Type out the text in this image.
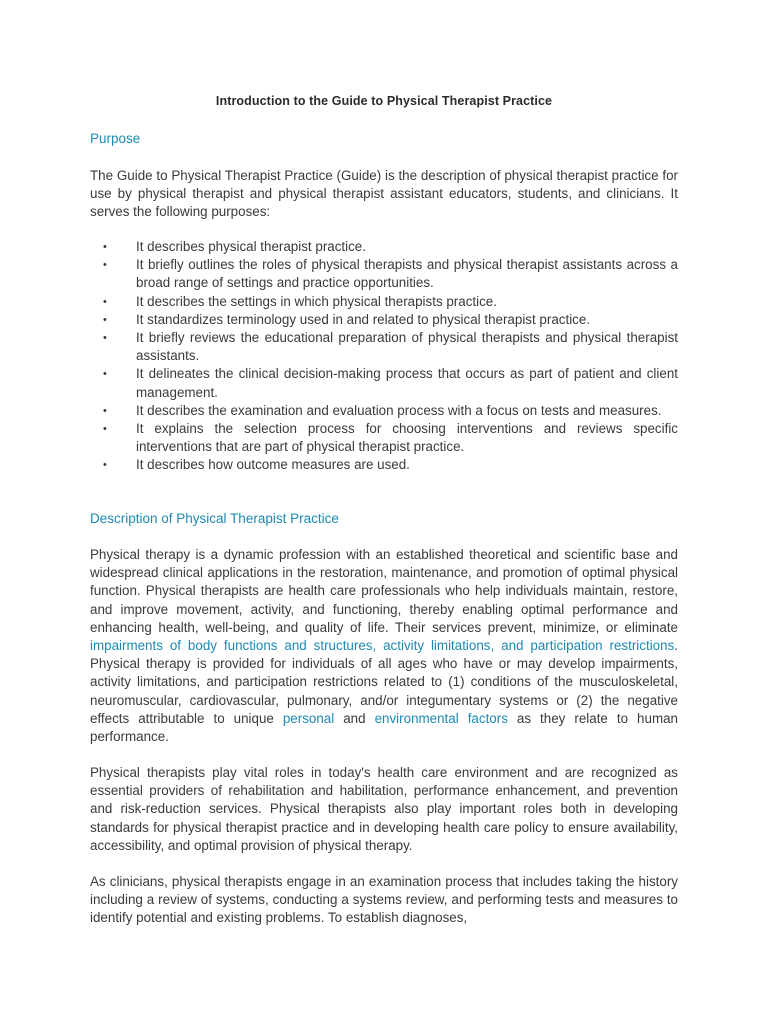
Introduction to the Guide to Physical Therapist Practice
Purpose
The Guide to Physical Therapist Practice (Guide) is the description of physical therapist practice for use by physical therapist and physical therapist assistant educators, students, and clinicians. It serves the following purposes:
• It describes physical therapist practice.
• It briefly outlines the roles of physical therapists and physical therapist assistants across a broad range of settings and practice opportunities.
• It describes the settings in which physical therapists practice.
• It standardizes terminology used in and related to physical therapist practice.
• It briefly reviews the educational preparation of physical therapists and physical therapist assistants.
• It delineates the clinical decision-making process that occurs as part of patient and client management.
• It describes the examination and evaluation process with a focus on tests and measures.
• It explains the selection process for choosing interventions and reviews specific interventions that are part of physical therapist practice.
• It describes how outcome measures are used.
Description of Physical Therapist Practice
Physical therapy is a dynamic profession with an established theoretical and scientific base and widespread clinical applications in the restoration, maintenance, and promotion of optimal physical function. Physical therapists are health care professionals who help individuals maintain, restore, and improve movement, activity, and functioning, thereby enabling optimal performance and enhancing health, well-being, and quality of life. Their services prevent, minimize, or eliminate impairments of body functions and structures, activity limitations, and participation restrictions. Physical therapy is provided for individuals of all ages who have or may develop impairments, activity limitations, and participation restrictions related to (1) conditions of the musculoskeletal, neuromuscular, cardiovascular, pulmonary, and/or integumentary systems or (2) the negative effects attributable to unique personal and environmental factors as they relate to human performance.
Physical therapists play vital roles in today's health care environment and are recognized as essential providers of rehabilitation and habilitation, performance enhancement, and prevention and risk-reduction services. Physical therapists also play important roles both in developing standards for physical therapist practice and in developing health care policy to ensure availability, accessibility, and optimal provision of physical therapy.
As clinicians, physical therapists engage in an examination process that includes taking the history including a review of systems, conducting a systems review, and performing tests and measures to identify potential and existing problems. To establish diagnoses,
